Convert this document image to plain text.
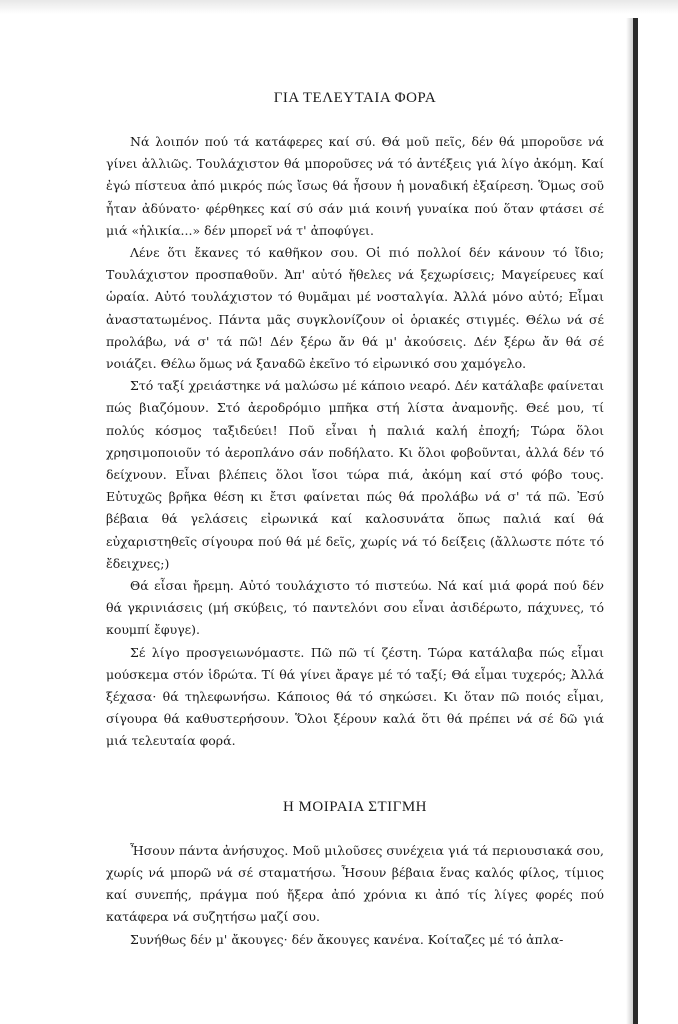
ΓΙΑ ΤΕΛΕΥΤΑΙΑ ΦΟΡΑ

Νά λοιπόν πού τά κατάφερες καί σύ. Θά μοῦ πεῖς, δέν θά μποροῦσε νά γίνει ἀλλιῶς. Τουλάχιστον θά μποροῦσες νά τό ἀντέξεις γιά λίγο ἀκόμη. Καί ἐγώ πίστευα ἀπό μικρός πώς ἴσως θά ἦσουν ἡ μοναδική ἐξαίρεση. Ὅμως σοῦ ἦταν ἀδύνατο· φέρθηκες καί σύ σάν μιά κοινή γυναίκα πού ὅταν φτάσει σέ μιά «ἡλικία...» δέν μπορεῖ νά τ' ἀποφύγει.

Λένε ὅτι ἔκανες τό καθῆκον σου. Οἱ πιό πολλοί δέν κάνουν τό ἴδιο; Τουλάχιστον προσπαθοῦν. Ἀπ' αὐτό ἤθελες νά ξεχωρίσεις; Μαγείρευες καί ὡραία. Αὐτό τουλάχιστον τό θυμᾶμαι μέ νοσταλγία. Ἀλλά μόνο αὐτό; Εἶμαι ἀναστατωμένος. Πάντα μᾶς συγκλονίζουν οἱ ὁριακές στιγμές. Θέλω νά σέ προλάβω, νά σ' τά πῶ! Δέν ξέρω ἄν θά μ' ἀκούσεις. Δέν ξέρω ἄν θά σέ νοιάζει. Θέλω ὅμως νά ξαναδῶ ἐκεῖνο τό εἰρωνικό σου χαμόγελο.

Στό ταξί χρειάστηκε νά μαλώσω μέ κάποιο νεαρό. Δέν κατάλαβε φαίνεται πώς βιαζόμουν. Στό ἀεροδρόμιο μπῆκα στή λίστα ἀναμονῆς. Θεέ μου, τί πολύς κόσμος ταξιδεύει! Ποῦ εἶναι ἡ παλιά καλή ἐποχή; Τώρα ὅλοι χρησιμοποιοῦν τό ἀεροπλάνο σάν ποδήλατο. Κι ὅλοι φοβοῦνται, ἀλλά δέν τό δείχνουν. Εἶναι βλέπεις ὅλοι ἴσοι τώρα πιά, ἀκόμη καί στό φόβο τους. Εὐτυχῶς βρῆκα θέση κι ἔτσι φαίνεται πώς θά προλάβω νά σ' τά πῶ. Ἐσύ βέβαια θά γελάσεις εἰρωνικά καί καλοσυνάτα ὅπως παλιά καί θά εὐχαριστηθεῖς σίγουρα πού θά μέ δεῖς, χωρίς νά τό δείξεις (ἄλλωστε πότε τό ἔδειχνες;)

Θά εἶσαι ἤρεμη. Αὐτό τουλάχιστο τό πιστεύω. Νά καί μιά φορά πού δέν θά γκρινιάσεις (μή σκύβεις, τό παντελόνι σου εἶναι ἀσιδέρωτο, πάχυνες, τό κουμπί ἔφυγε).

Σέ λίγο προσγειωνόμαστε. Πῶ πῶ τί ζέστη. Τώρα κατάλαβα πώς εἶμαι μούσκεμα στόν ἱδρώτα. Τί θά γίνει ἄραγε μέ τό ταξί; Θά εἶμαι τυχερός; Ἀλλά ξέχασα· θά τηλεφωνήσω. Κάποιος θά τό σηκώσει. Κι ὅταν πῶ ποιός εἶμαι, σίγουρα θά καθυστερήσουν. Ὅλοι ξέρουν καλά ὅτι θά πρέπει νά σέ δῶ γιά μιά τελευταία φορά.

Η ΜΟΙΡΑΙΑ ΣΤΙΓΜΗ

Ἦσουν πάντα ἀνήσυχος. Μοῦ μιλοῦσες συνέχεια γιά τά περιουσιακά σου, χωρίς νά μπορῶ νά σέ σταματήσω. Ἦσουν βέβαια ἕνας καλός φίλος, τίμιος καί συνεπής, πράγμα πού ἤξερα ἀπό χρόνια κι ἀπό τίς λίγες φορές πού κατάφερα νά συζητήσω μαζί σου.

Συνήθως δέν μ' ἄκουγες· δέν ἄκουγες κανένα. Κοίταζες μέ τό ἀπλα-
